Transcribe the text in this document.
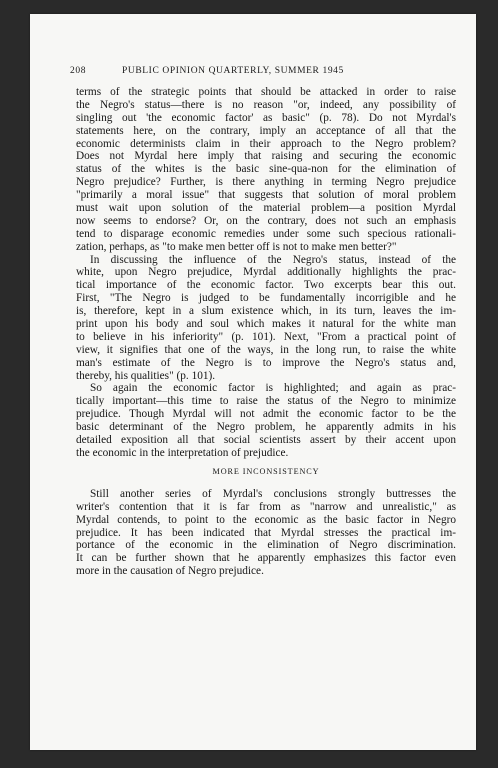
208	PUBLIC OPINION QUARTERLY, SUMMER 1945
terms of the strategic points that should be attacked in order to raise
the Negro's status—there is no reason "or, indeed, any possibility of
singling out 'the economic factor' as basic" (p. 78). Do not Myrdal's
statements here, on the contrary, imply an acceptance of all that the
economic determinists claim in their approach to the Negro problem?
Does not Myrdal here imply that raising and securing the economic
status of the whites is the basic sine-qua-non for the elimination of
Negro prejudice? Further, is there anything in terming Negro prejudice
"primarily a moral issue" that suggests that solution of moral problem
must wait upon solution of the material problem—a position Myrdal
now seems to endorse? Or, on the contrary, does not such an emphasis
tend to disparage economic remedies under some such specious rationali-
zation, perhaps, as "to make men better off is not to make men better?"
In discussing the influence of the Negro's status, instead of the
white, upon Negro prejudice, Myrdal additionally highlights the prac-
tical importance of the economic factor. Two excerpts bear this out.
First, "The Negro is judged to be fundamentally incorrigible and he
is, therefore, kept in a slum existence which, in its turn, leaves the im-
print upon his body and soul which makes it natural for the white man
to believe in his inferiority" (p. 101). Next, "From a practical point of
view, it signifies that one of the ways, in the long run, to raise the white
man's estimate of the Negro is to improve the Negro's status and,
thereby, his qualities" (p. 101).
So again the economic factor is highlighted; and again as prac-
tically important—this time to raise the status of the Negro to minimize
prejudice. Though Myrdal will not admit the economic factor to be the
basic determinant of the Negro problem, he apparently admits in his
detailed exposition all that social scientists assert by their accent upon
the economic in the interpretation of prejudice.
MORE INCONSISTENCY
Still another series of Myrdal's conclusions strongly buttresses the
writer's contention that it is far from as "narrow and unrealistic," as
Myrdal contends, to point to the economic as the basic factor in Negro
prejudice. It has been indicated that Myrdal stresses the practical im-
portance of the economic in the elimination of Negro discrimination.
It can be further shown that he apparently emphasizes this factor even
more in the causation of Negro prejudice.
